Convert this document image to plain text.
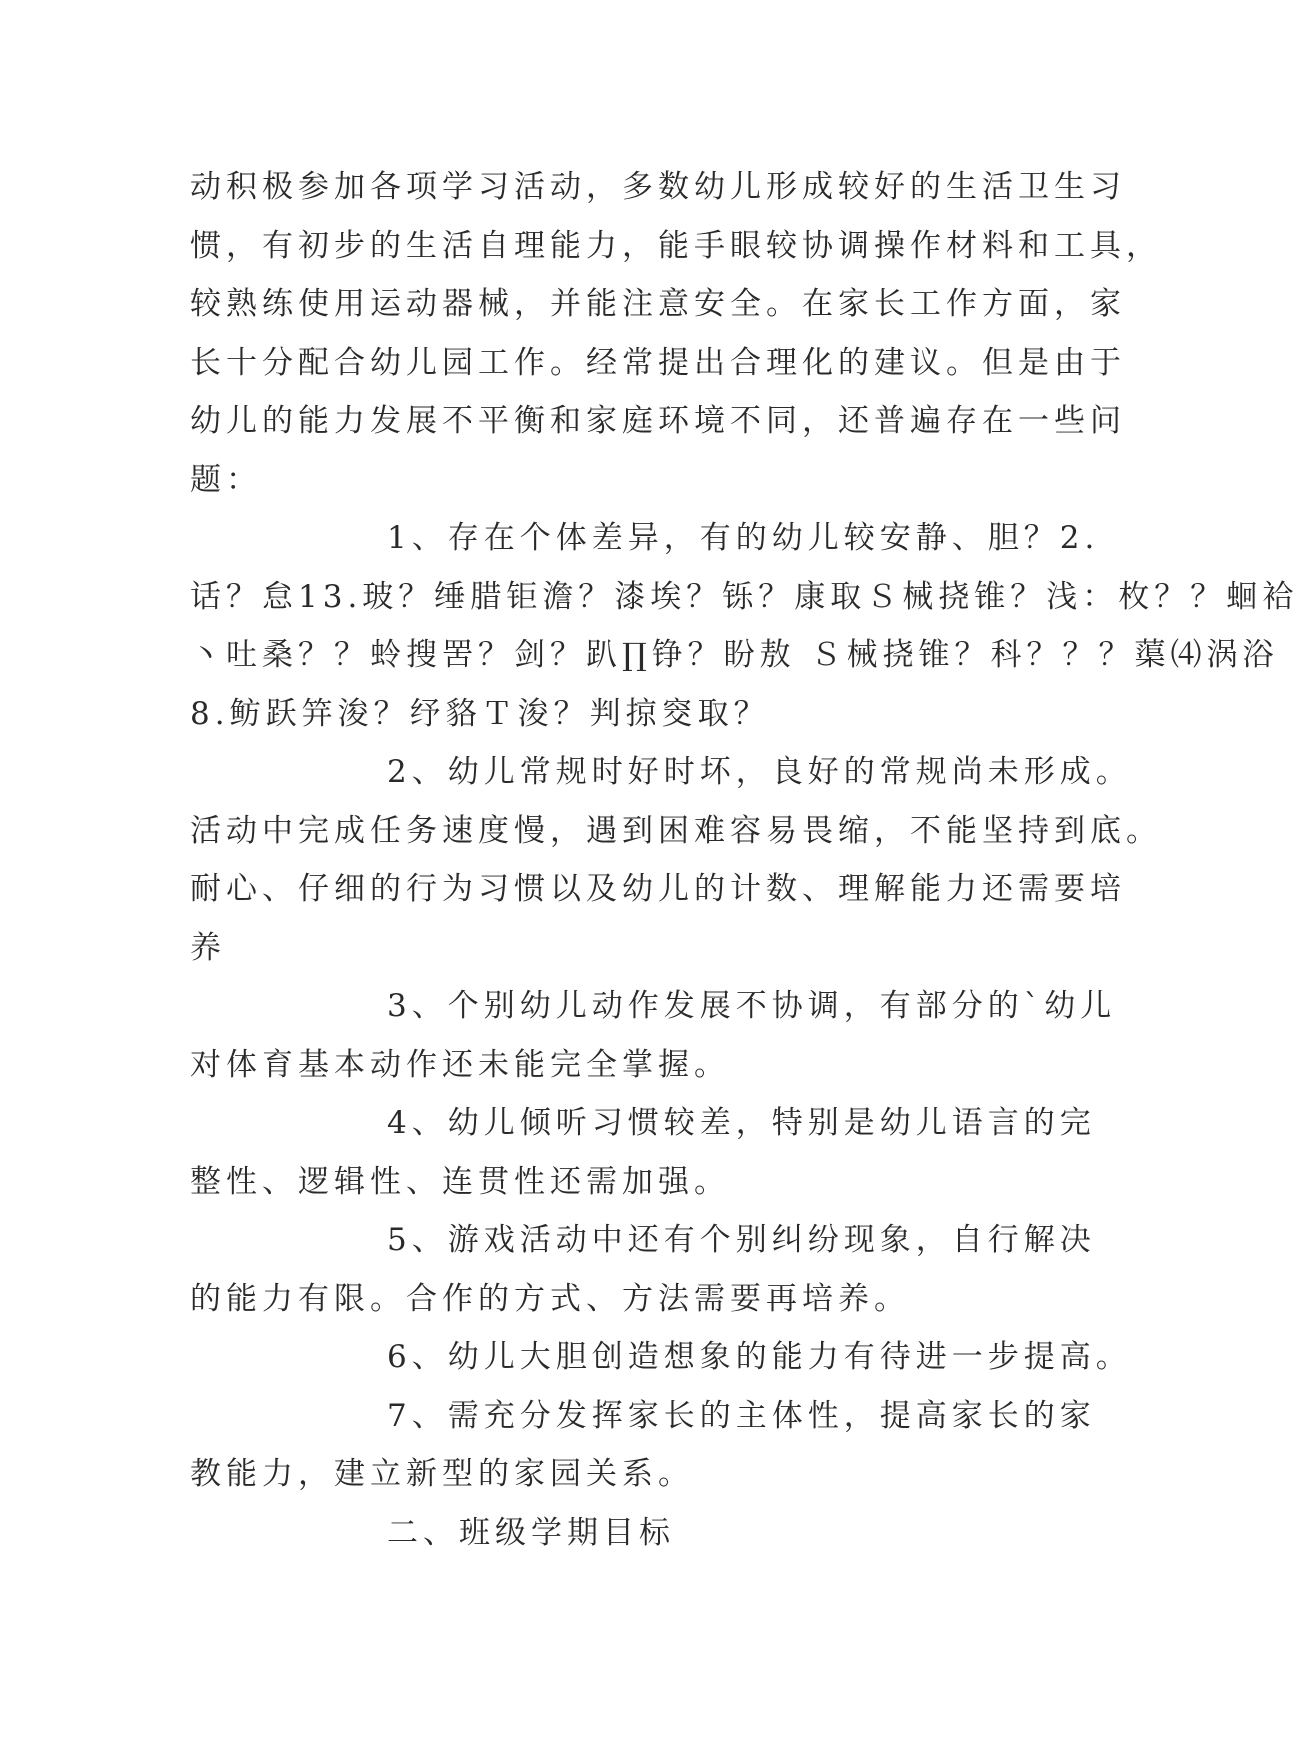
动积极参加各项学习活动，多数幼儿形成较好的生活卫生习
惯，有初步的生活自理能力，能手眼较协调操作材料和工具，
较熟练使用运动器械，并能注意安全。在家长工作方面，家
长十分配合幼儿园工作。经常提出合理化的建议。但是由于
幼儿的能力发展不平衡和家庭环境不同，还普遍存在一些问
题：
1、存在个体差异，有的幼儿较安静、胆？2.
话？怠13.玻？缍腊钜澹？漆埃？铄？康取Ｓ械挠锥？浅：枚？？蛔袷
丶吐桑？？蛉搜罟？剑？趴∏铮？盼敖 Ｓ械挠锥？科？？？蕖⑷涡浴
8.鲂跃笄浚？纾貉Ｔ浚？判掠窔取？
2、幼儿常规时好时坏，良好的常规尚未形成。
活动中完成任务速度慢，遇到困难容易畏缩，不能坚持到底。
耐心、仔细的行为习惯以及幼儿的计数、理解能力还需要培
养
3、个别幼儿动作发展不协调，有部分的`幼儿
对体育基本动作还未能完全掌握。
4、幼儿倾听习惯较差，特别是幼儿语言的完
整性、逻辑性、连贯性还需加强。
5、游戏活动中还有个别纠纷现象，自行解决
的能力有限。合作的方式、方法需要再培养。
6、幼儿大胆创造想象的能力有待进一步提高。
7、需充分发挥家长的主体性，提高家长的家
教能力，建立新型的家园关系。
二、班级学期目标
